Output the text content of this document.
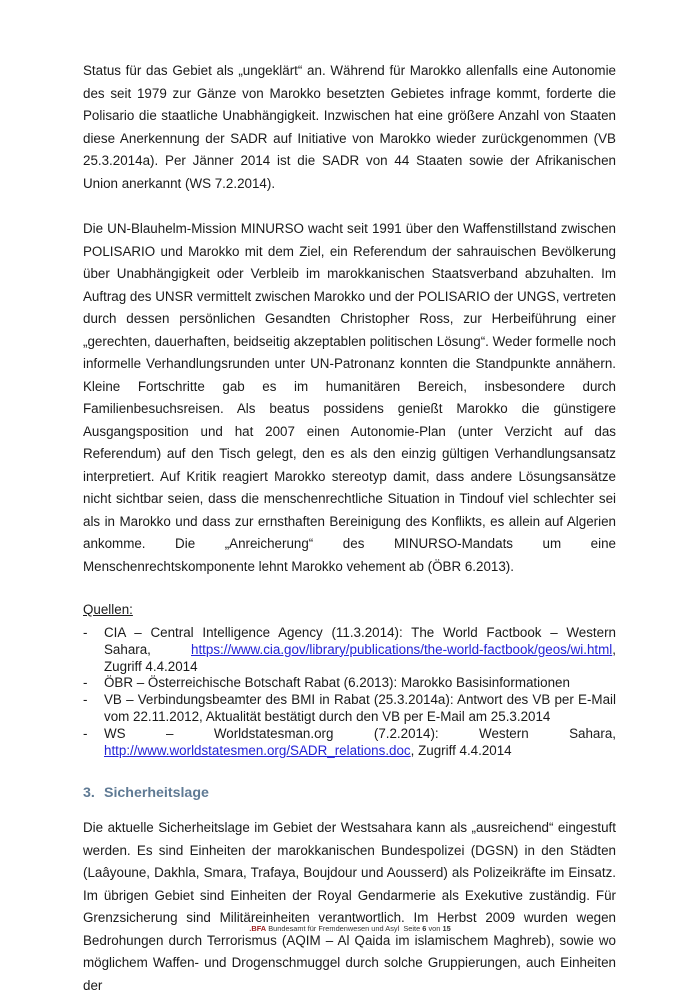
Status für das Gebiet als „ungeklärt“ an. Während für Marokko allenfalls eine Autonomie des seit 1979 zur Gänze von Marokko besetzten Gebietes infrage kommt, forderte die Polisario die staatliche Unabhängigkeit. Inzwischen hat eine größere Anzahl von Staaten diese Anerkennung der SADR auf Initiative von Marokko wieder zurückgenommen (VB 25.3.2014a). Per Jänner 2014 ist die SADR von 44 Staaten sowie der Afrikanischen Union anerkannt (WS 7.2.2014).

Die UN-Blauhelm-Mission MINURSO wacht seit 1991 über den Waffenstillstand zwischen POLISARIO und Marokko mit dem Ziel, ein Referendum der sahrauischen Bevölkerung über Unabhängigkeit oder Verbleib im marokkanischen Staatsverband abzuhalten. Im Auftrag des UNSR vermittelt zwischen Marokko und der POLISARIO der UNGS, vertreten durch dessen persönlichen Gesandten Christopher Ross, zur Herbeiführung einer „gerechten, dauerhaften, beidseitig akzeptablen politischen Lösung“. Weder formelle noch informelle Verhandlungsrunden unter UN-Patronanz konnten die Standpunkte annähern. Kleine Fortschritte gab es im humanitären Bereich, insbesondere durch Familienbesuchsreisen. Als beatus possidens genießt Marokko die günstigere Ausgangsposition und hat 2007 einen Autonomie-Plan (unter Verzicht auf das Referendum) auf den Tisch gelegt, den es als den einzig gültigen Verhandlungsansatz interpretiert. Auf Kritik reagiert Marokko stereotyp damit, dass andere Lösungsansätze nicht sichtbar seien, dass die menschenrechtliche Situation in Tindouf viel schlechter sei als in Marokko und dass zur ernsthaften Bereinigung des Konflikts, es allein auf Algerien ankomme. Die „Anreicherung“ des MINURSO-Mandats um eine Menschenrechtskomponente lehnt Marokko vehement ab (ÖBR 6.2013).

Quellen:
- CIA – Central Intelligence Agency (11.3.2014): The World Factbook – Western Sahara, https://www.cia.gov/library/publications/the-world-factbook/geos/wi.html, Zugriff 4.4.2014
- ÖBR – Österreichische Botschaft Rabat (6.2013): Marokko Basisinformationen
- VB – Verbindungsbeamter des BMI in Rabat (25.3.2014a): Antwort des VB per E-Mail vom 22.11.2012, Aktualität bestätigt durch den VB per E-Mail am 25.3.2014
- WS – Worldstatesman.org (7.2.2014): Western Sahara, http://www.worldstatesmen.org/SADR_relations.doc, Zugriff 4.4.2014
3. Sicherheitslage

Die aktuelle Sicherheitslage im Gebiet der Westsahara kann als „ausreichend“ eingestuft werden. Es sind Einheiten der marokkanischen Bundespolizei (DGSN) in den Städten (Laâyoune, Dakhla, Smara, Trafaya, Boujdour und Aousserd) als Polizeikräfte im Einsatz. Im übrigen Gebiet sind Einheiten der Royal Gendarmerie als Exekutive zuständig. Für Grenzsicherung sind Militäreinheiten verantwortlich. Im Herbst 2009 wurden wegen Bedrohungen durch Terrorismus (AQIM – Al Qaida im islamischem Maghreb), sowie wo möglichem Waffen- und Drogenschmuggel durch solche Gruppierungen, auch Einheiten der

.BFA Bundesamt für Fremdenwesen und Asyl Seite 6 von 15
